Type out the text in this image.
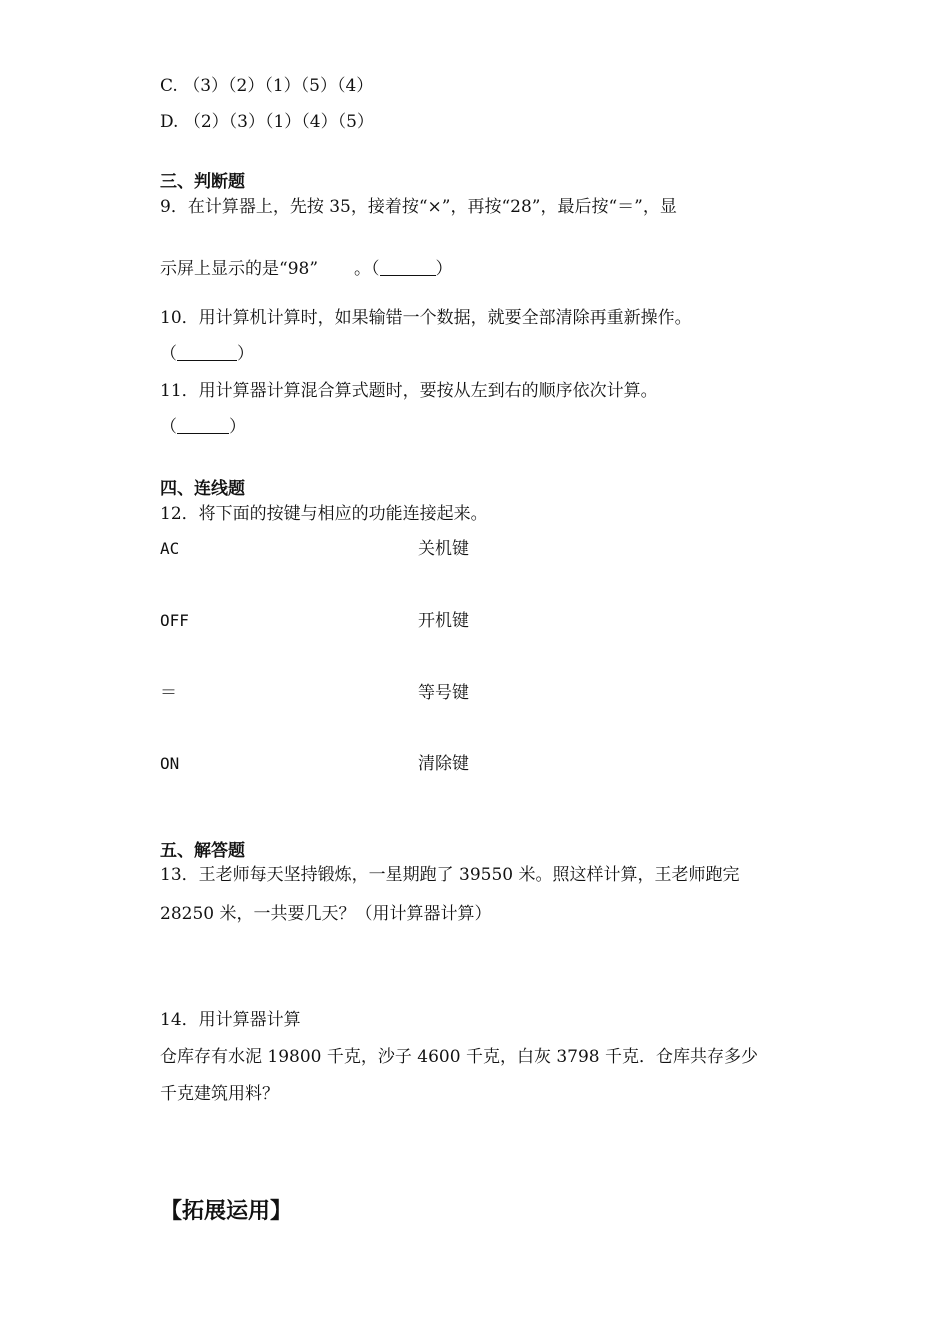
C. （3）（2）（1）（5）（4）
D. （2）（3）（1）（4）（5）
三、判断题
9．在计算器上，先按 35，接着按“×”，再按“28”，最后按“＝”，显
示屏上显示的是“98” 。（	）
10．用计算机计算时，如果输错一个数据，就要全部清除再重新操作。
（	）
11．用计算器计算混合算式题时，要按从左到右的顺序依次计算。
（	）
四、连线题
12．将下面的按键与相应的功能连接起来。
AC	关机键
OFF	开机键
＝	等号键
ON	清除键
五、解答题
13．王老师每天坚持锻炼，一星期跑了 39550 米。照这样计算，王老师跑完
28250 米，一共要几天？（用计算器计算）
14．用计算器计算
仓库存有水泥 19800 千克，沙子 4600 千克，白灰 3798 千克．仓库共存多少
千克建筑用料？
【拓展运用】
